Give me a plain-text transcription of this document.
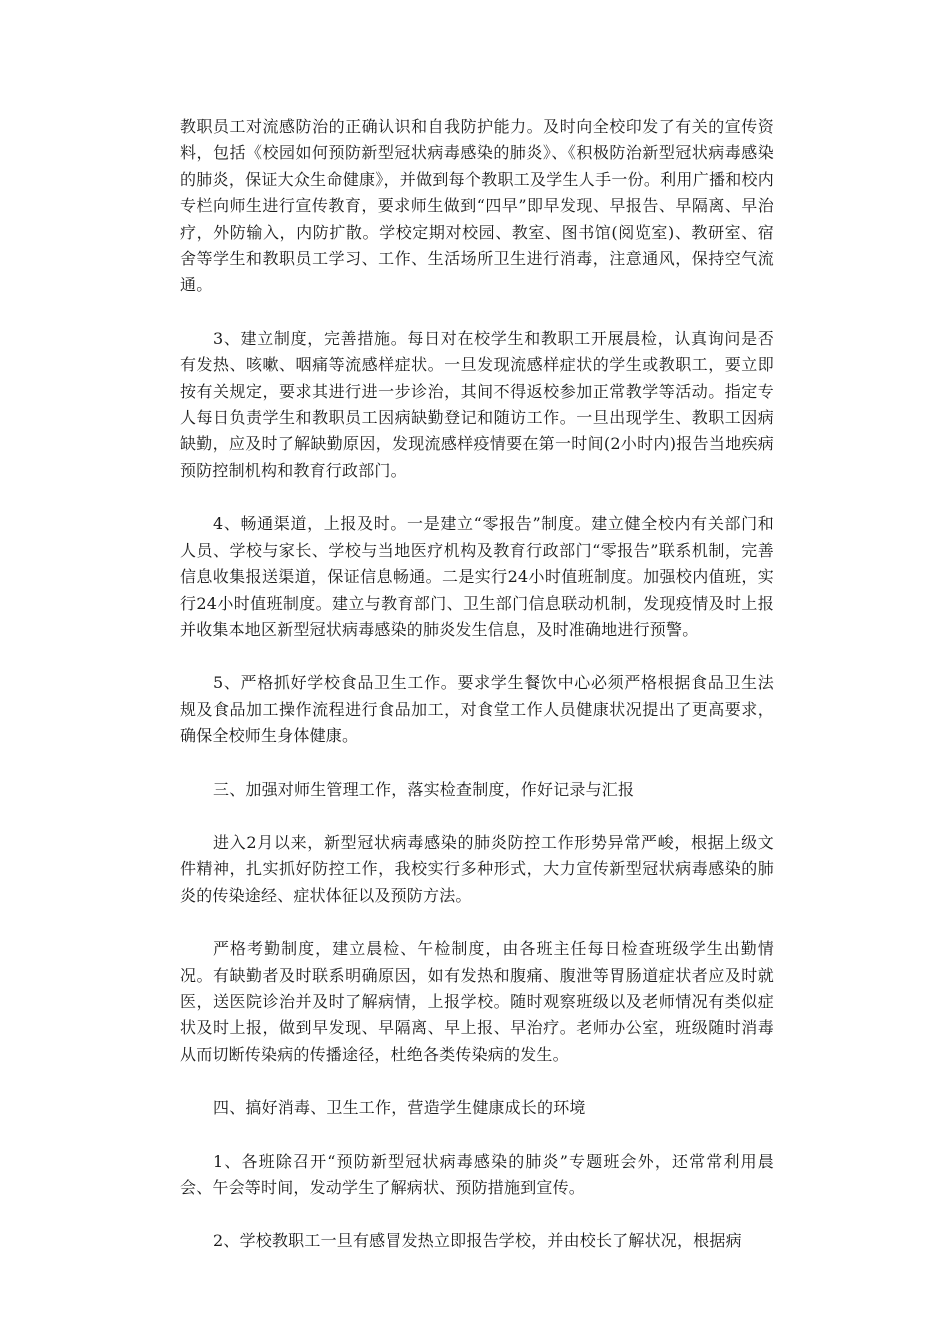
教职员工对流感防治的正确认识和自我防护能力。及时向全校印发了有关的宣传资料，包括《校园如何预防新型冠状病毒感染的肺炎》、《积极防治新型冠状病毒感染的肺炎，保证大众生命健康》，并做到每个教职工及学生人手一份。利用广播和校内专栏向师生进行宣传教育，要求师生做到“四早”即早发现、早报告、早隔离、早治疗，外防输入，内防扩散。学校定期对校园、教室、图书馆(阅览室)、教研室、宿舍等学生和教职员工学习、工作、生活场所卫生进行消毒，注意通风，保持空气流通。

3、建立制度，完善措施。每日对在校学生和教职工开展晨检，认真询问是否有发热、咳嗽、咽痛等流感样症状。一旦发现流感样症状的学生或教职工，要立即按有关规定，要求其进行进一步诊治，其间不得返校参加正常教学等活动。指定专人每日负责学生和教职员工因病缺勤登记和随访工作。一旦出现学生、教职工因病缺勤，应及时了解缺勤原因，发现流感样疫情要在第一时间(2小时内)报告当地疾病预防控制机构和教育行政部门。

4、畅通渠道，上报及时。一是建立“零报告”制度。建立健全校内有关部门和人员、学校与家长、学校与当地医疗机构及教育行政部门“零报告”联系机制，完善信息收集报送渠道，保证信息畅通。二是实行24小时值班制度。加强校内值班，实行24小时值班制度。建立与教育部门、卫生部门信息联动机制，发现疫情及时上报并收集本地区新型冠状病毒感染的肺炎发生信息，及时准确地进行预警。

5、严格抓好学校食品卫生工作。要求学生餐饮中心必须严格根据食品卫生法规及食品加工操作流程进行食品加工，对食堂工作人员健康状况提出了更高要求，确保全校师生身体健康。

三、加强对师生管理工作，落实检查制度，作好记录与汇报

进入2月以来，新型冠状病毒感染的肺炎防控工作形势异常严峻，根据上级文件精神，扎实抓好防控工作，我校实行多种形式，大力宣传新型冠状病毒感染的肺炎的传染途经、症状体征以及预防方法。

严格考勤制度，建立晨检、午检制度，由各班主任每日检查班级学生出勤情况。有缺勤者及时联系明确原因，如有发热和腹痛、腹泄等胃肠道症状者应及时就医，送医院诊治并及时了解病情，上报学校。随时观察班级以及老师情况有类似症状及时上报，做到早发现、早隔离、早上报、早治疗。老师办公室，班级随时消毒从而切断传染病的传播途径，杜绝各类传染病的发生。

四、搞好消毒、卫生工作，营造学生健康成长的环境

1、各班除召开“预防新型冠状病毒感染的肺炎”专题班会外，还常常利用晨会、午会等时间，发动学生了解病状、预防措施到宣传。

2、学校教职工一旦有感冒发热立即报告学校，并由校长了解状况，根据病
